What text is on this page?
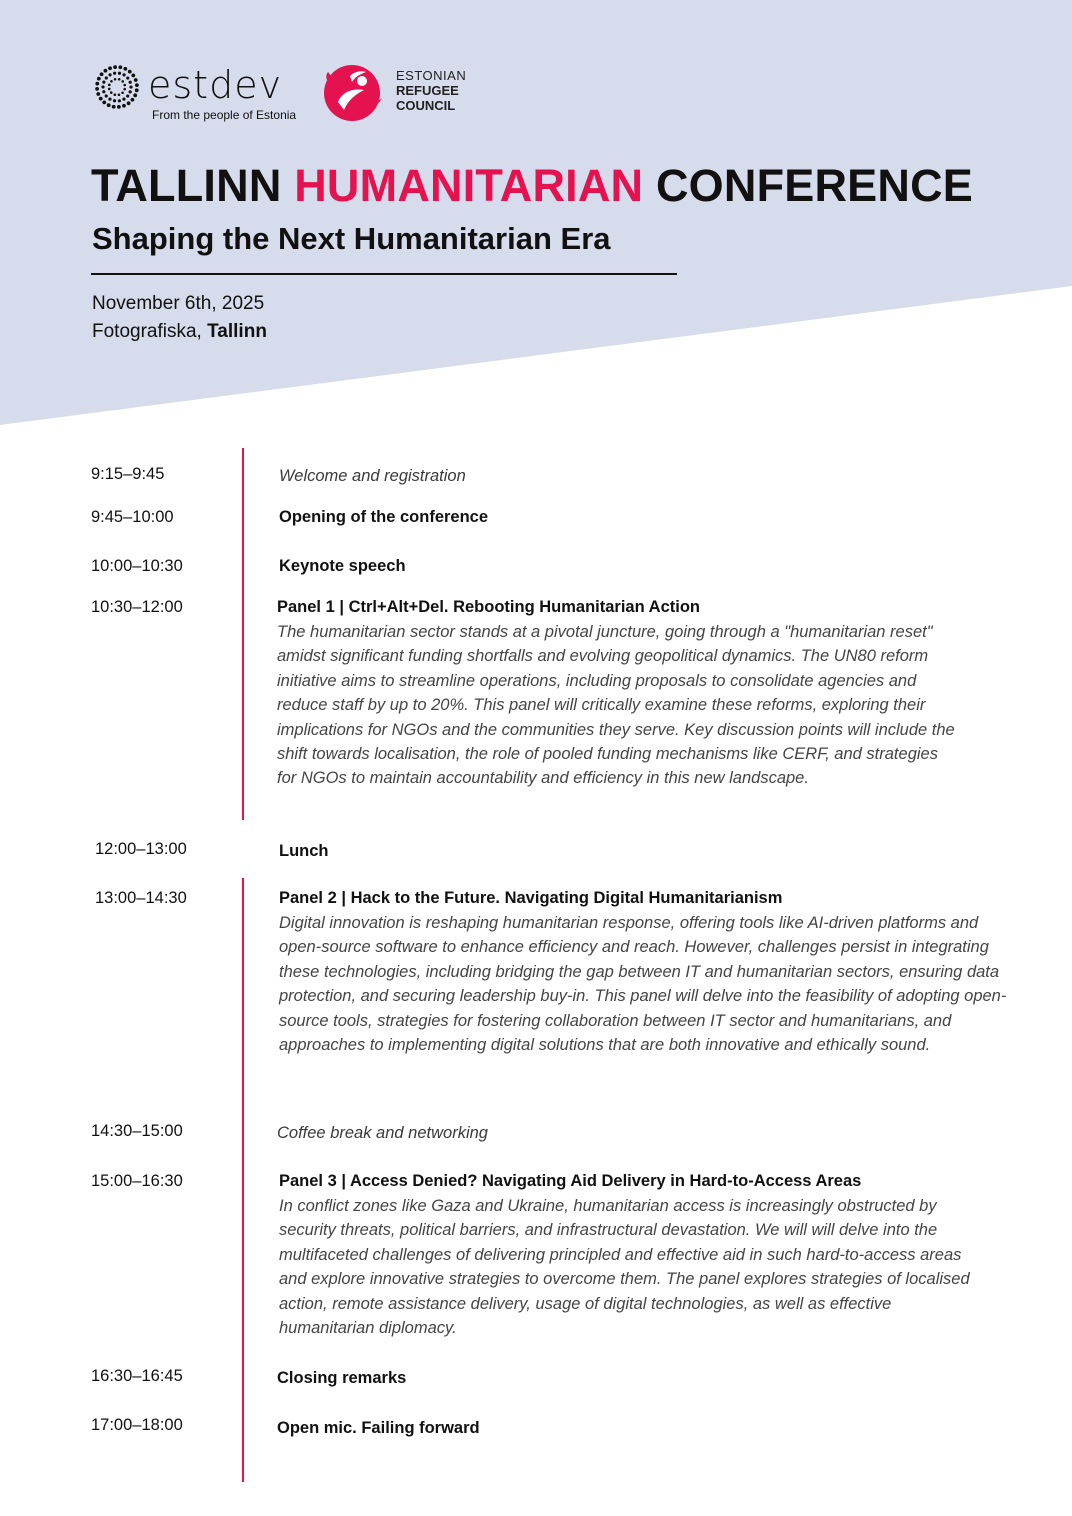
estdev
From the people of Estonia
ESTONIAN
REFUGEE
COUNCIL
TALLINN HUMANITARIAN CONFERENCE
Shaping the Next Humanitarian Era
November 6th, 2025
Fotografiska, Tallinn
9:15–9:45	Welcome and registration
9:45–10:00	Opening of the conference
10:00–10:30	Keynote speech
10:30–12:00	Panel 1 | Ctrl+Alt+Del. Rebooting Humanitarian Action
The humanitarian sector stands at a pivotal juncture, going through a "humanitarian reset" amidst significant funding shortfalls and evolving geopolitical dynamics. The UN80 reform initiative aims to streamline operations, including proposals to consolidate agencies and reduce staff by up to 20%. This panel will critically examine these reforms, exploring their implications for NGOs and the communities they serve. Key discussion points will include the shift towards localisation, the role of pooled funding mechanisms like CERF, and strategies for NGOs to maintain accountability and efficiency in this new landscape.
12:00–13:00	Lunch
13:00–14:30	Panel 2 | Hack to the Future. Navigating Digital Humanitarianism
Digital innovation is reshaping humanitarian response, offering tools like AI-driven platforms and open-source software to enhance efficiency and reach. However, challenges persist in integrating these technologies, including bridging the gap between IT and humanitarian sectors, ensuring data protection, and securing leadership buy-in. This panel will delve into the feasibility of adopting open-source tools, strategies for fostering collaboration between IT sector and humanitarians, and approaches to implementing digital solutions that are both innovative and ethically sound.
14:30–15:00	Coffee break and networking
15:00–16:30	Panel 3 | Access Denied? Navigating Aid Delivery in Hard-to-Access Areas
In conflict zones like Gaza and Ukraine, humanitarian access is increasingly obstructed by security threats, political barriers, and infrastructural devastation. We will will delve into the multifaceted challenges of delivering principled and effective aid in such hard-to-access areas and explore innovative strategies to overcome them. The panel explores strategies of localised action, remote assistance delivery, usage of digital technologies, as well as effective humanitarian diplomacy.
16:30–16:45	Closing remarks
17:00–18:00	Open mic. Failing forward
